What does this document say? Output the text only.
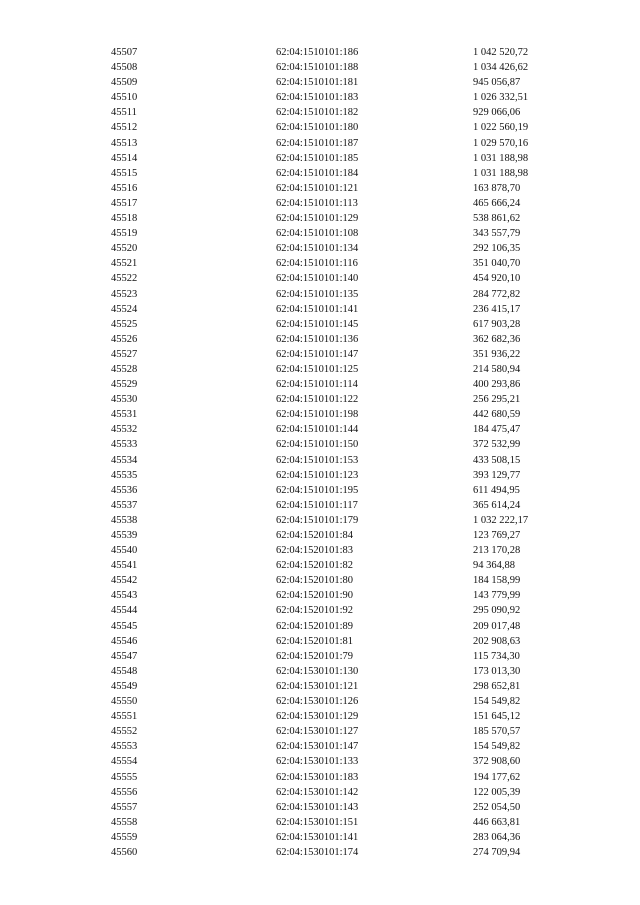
45507	62:04:1510101:186	1 042 520,72
45508	62:04:1510101:188	1 034 426,62
45509	62:04:1510101:181	945 056,87
45510	62:04:1510101:183	1 026 332,51
45511	62:04:1510101:182	929 066,06
45512	62:04:1510101:180	1 022 560,19
45513	62:04:1510101:187	1 029 570,16
45514	62:04:1510101:185	1 031 188,98
45515	62:04:1510101:184	1 031 188,98
45516	62:04:1510101:121	163 878,70
45517	62:04:1510101:113	465 666,24
45518	62:04:1510101:129	538 861,62
45519	62:04:1510101:108	343 557,79
45520	62:04:1510101:134	292 106,35
45521	62:04:1510101:116	351 040,70
45522	62:04:1510101:140	454 920,10
45523	62:04:1510101:135	284 772,82
45524	62:04:1510101:141	236 415,17
45525	62:04:1510101:145	617 903,28
45526	62:04:1510101:136	362 682,36
45527	62:04:1510101:147	351 936,22
45528	62:04:1510101:125	214 580,94
45529	62:04:1510101:114	400 293,86
45530	62:04:1510101:122	256 295,21
45531	62:04:1510101:198	442 680,59
45532	62:04:1510101:144	184 475,47
45533	62:04:1510101:150	372 532,99
45534	62:04:1510101:153	433 508,15
45535	62:04:1510101:123	393 129,77
45536	62:04:1510101:195	611 494,95
45537	62:04:1510101:117	365 614,24
45538	62:04:1510101:179	1 032 222,17
45539	62:04:1520101:84	123 769,27
45540	62:04:1520101:83	213 170,28
45541	62:04:1520101:82	94 364,88
45542	62:04:1520101:80	184 158,99
45543	62:04:1520101:90	143 779,99
45544	62:04:1520101:92	295 090,92
45545	62:04:1520101:89	209 017,48
45546	62:04:1520101:81	202 908,63
45547	62:04:1520101:79	115 734,30
45548	62:04:1530101:130	173 013,30
45549	62:04:1530101:121	298 652,81
45550	62:04:1530101:126	154 549,82
45551	62:04:1530101:129	151 645,12
45552	62:04:1530101:127	185 570,57
45553	62:04:1530101:147	154 549,82
45554	62:04:1530101:133	372 908,60
45555	62:04:1530101:183	194 177,62
45556	62:04:1530101:142	122 005,39
45557	62:04:1530101:143	252 054,50
45558	62:04:1530101:151	446 663,81
45559	62:04:1530101:141	283 064,36
45560	62:04:1530101:174	274 709,94
